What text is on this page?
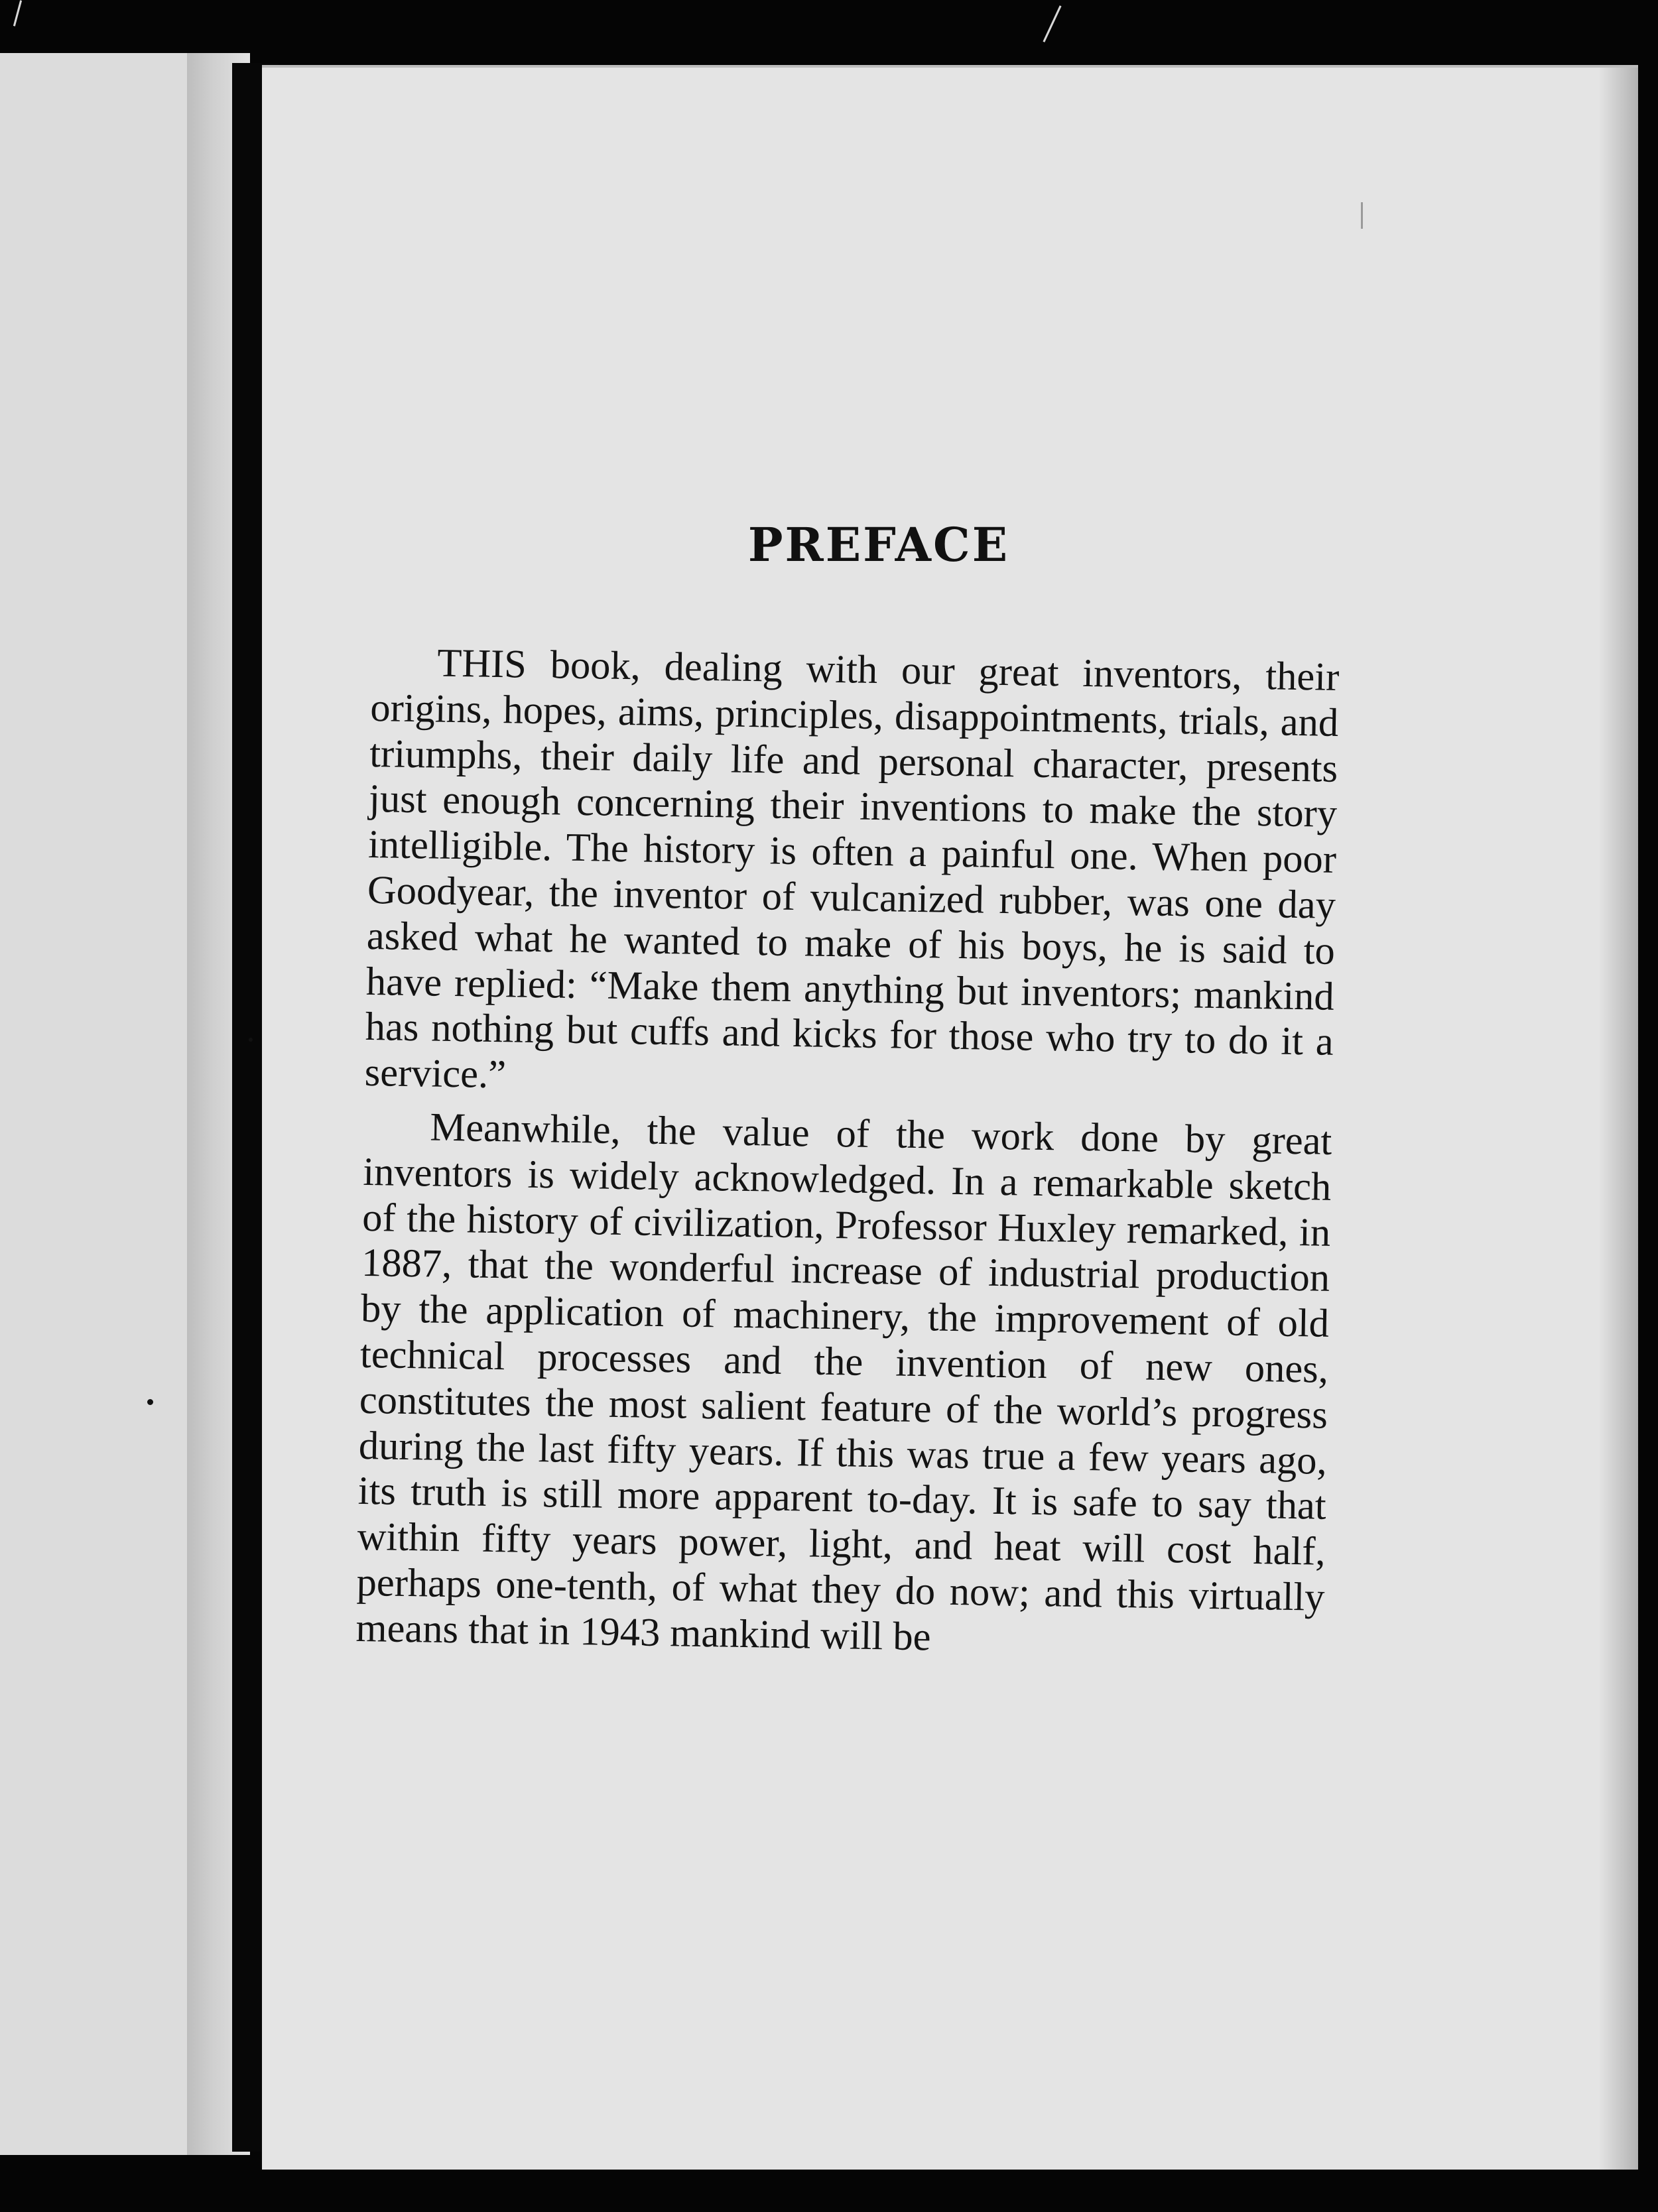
PREFACE

THIS book, dealing with our great inventors, their origins, hopes, aims, principles, disappointments, trials, and triumphs, their daily life and personal character, presents just enough concerning their inventions to make the story intelligible. The history is often a painful one. When poor Goodyear, the inventor of vulcanized rubber, was one day asked what he wanted to make of his boys, he is said to have replied: “Make them anything but inventors; mankind has nothing but cuffs and kicks for those who try to do it a service.”

Meanwhile, the value of the work done by great inventors is widely acknowledged. In a remarkable sketch of the history of civilization, Professor Huxley remarked, in 1887, that the wonderful increase of industrial production by the application of machinery, the improvement of old technical processes and the invention of new ones, constitutes the most salient feature of the world’s progress during the last fifty years. If this was true a few years ago, its truth is still more apparent to-day. It is safe to say that within fifty years power, light, and heat will cost half, perhaps one-tenth, of what they do now; and this virtually means that in 1943 mankind will be
